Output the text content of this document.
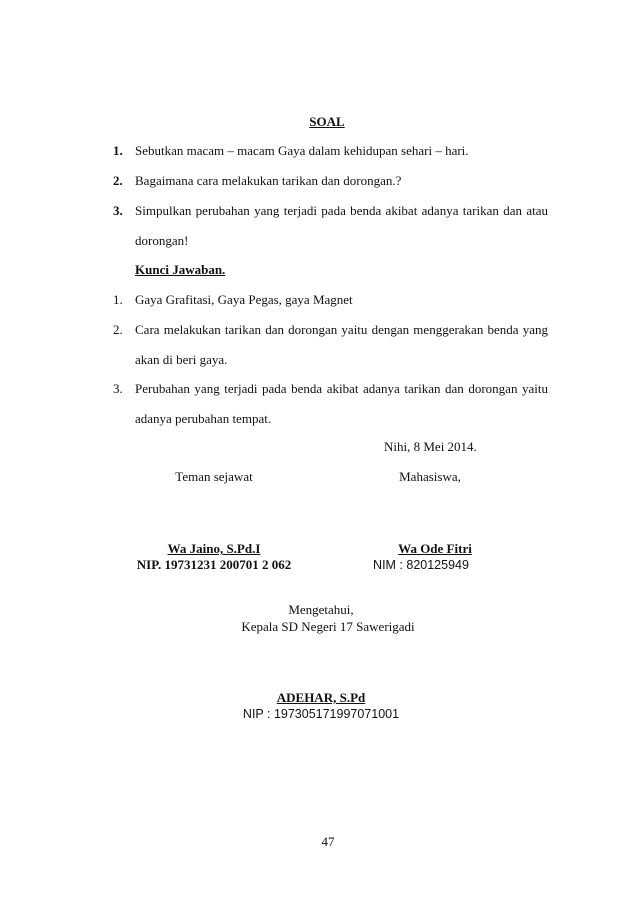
SOAL
1. Sebutkan macam – macam Gaya dalam kehidupan sehari – hari.
2. Bagaimana cara melakukan tarikan dan dorongan.?
3. Simpulkan perubahan yang terjadi pada benda akibat adanya tarikan dan atau
dorongan!
Kunci Jawaban.
1. Gaya Grafitasi, Gaya Pegas, gaya Magnet
2. Cara melakukan tarikan dan dorongan yaitu dengan menggerakan benda yang
akan di beri gaya.
3. Perubahan yang terjadi pada benda akibat adanya tarikan dan dorongan yaitu
adanya perubahan tempat.
Nihi, 8 Mei 2014.
Teman sejawat	Mahasiswa,
Wa Jaino, S.Pd.I
NIP. 19731231 200701 2 062
Wa Ode Fitri
NIM : 820125949
Mengetahui,
Kepala SD Negeri 17 Sawerigadi
ADEHAR, S.Pd
NIP : 197305171997071001
47
